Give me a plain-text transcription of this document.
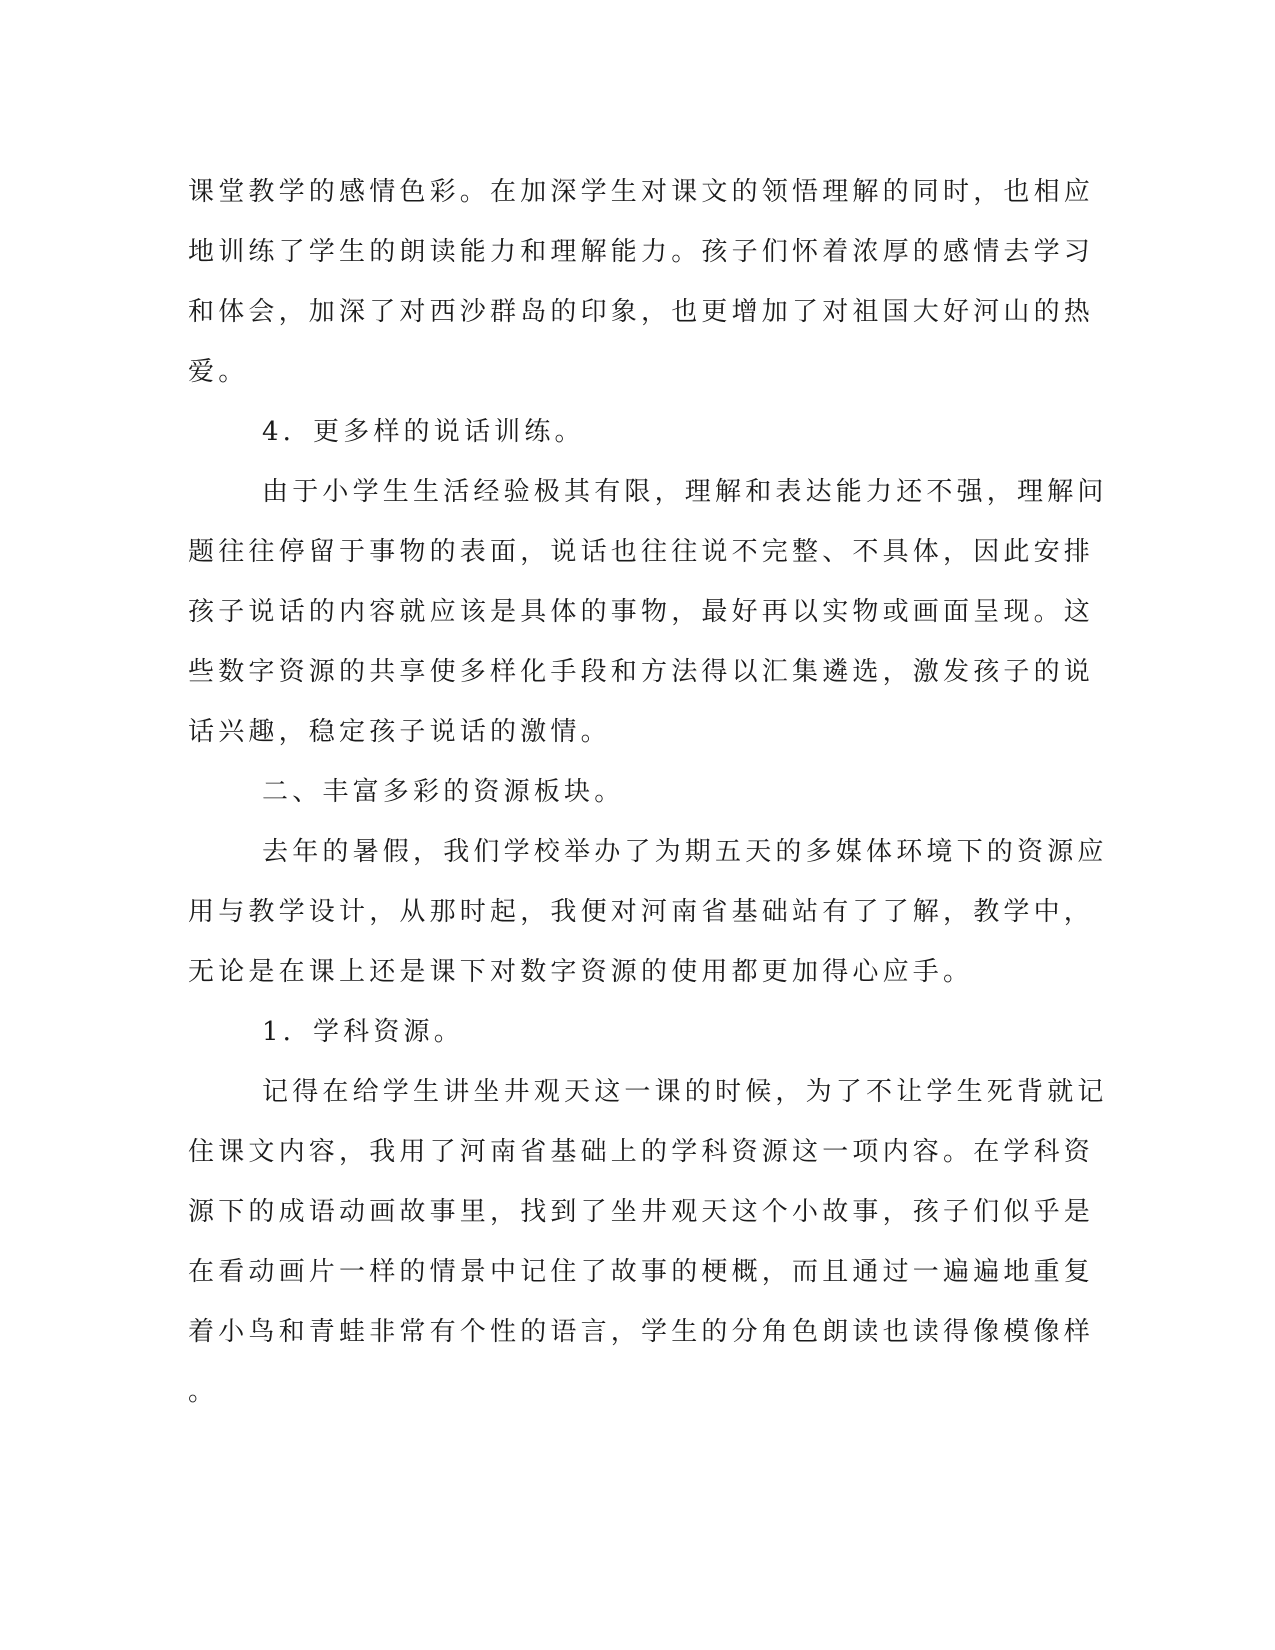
课堂教学的感情色彩。在加深学生对课文的领悟理解的同时，也相应
地训练了学生的朗读能力和理解能力。孩子们怀着浓厚的感情去学习
和体会，加深了对西沙群岛的印象，也更增加了对祖国大好河山的热
爱。
4．更多样的说话训练。
由于小学生生活经验极其有限，理解和表达能力还不强，理解问
题往往停留于事物的表面，说话也往往说不完整、不具体，因此安排
孩子说话的内容就应该是具体的事物，最好再以实物或画面呈现。这
些数字资源的共享使多样化手段和方法得以汇集遴选，激发孩子的说
话兴趣，稳定孩子说话的激情。
二、丰富多彩的资源板块。
去年的暑假，我们学校举办了为期五天的多媒体环境下的资源应
用与教学设计，从那时起，我便对河南省基础站有了了解，教学中，
无论是在课上还是课下对数字资源的使用都更加得心应手。
1．学科资源。
记得在给学生讲坐井观天这一课的时候，为了不让学生死背就记
住课文内容，我用了河南省基础上的学科资源这一项内容。在学科资
源下的成语动画故事里，找到了坐井观天这个小故事，孩子们似乎是
在看动画片一样的情景中记住了故事的梗概，而且通过一遍遍地重复
着小鸟和青蛙非常有个性的语言，学生的分角色朗读也读得像模像样
。
